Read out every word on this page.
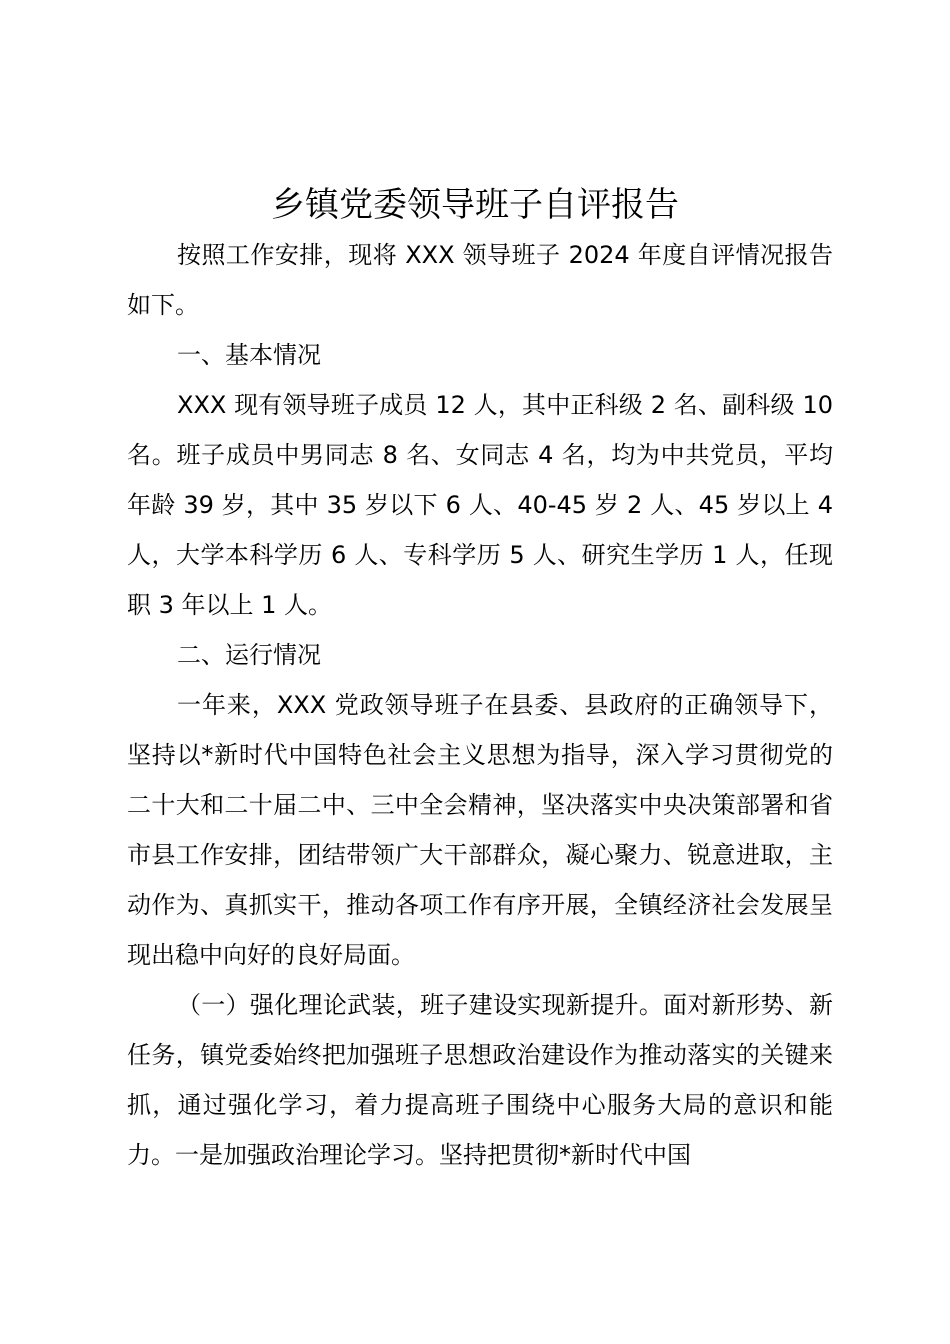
乡镇党委领导班子自评报告

按照工作安排，现将 XXX 领导班子 2024 年度自评情况报告如下。

一、基本情况

XXX 现有领导班子成员 12 人，其中正科级 2 名、副科级 10 名。班子成员中男同志 8 名、女同志 4 名，均为中共党员，平均年龄 39 岁，其中 35 岁以下 6 人、40-45 岁 2 人、45 岁以上 4 人，大学本科学历 6 人、专科学历 5 人、研究生学历 1 人，任现职 3 年以上 1 人。

二、运行情况

一年来，XXX 党政领导班子在县委、县政府的正确领导下，坚持以*新时代中国特色社会主义思想为指导，深入学习贯彻党的二十大和二十届二中、三中全会精神，坚决落实中央决策部署和省市县工作安排，团结带领广大干部群众，凝心聚力、锐意进取，主动作为、真抓实干，推动各项工作有序开展，全镇经济社会发展呈现出稳中向好的良好局面。

（一）强化理论武装，班子建设实现新提升。面对新形势、新任务，镇党委始终把加强班子思想政治建设作为推动落实的关键来抓，通过强化学习，着力提高班子围绕中心服务大局的意识和能力。一是加强政治理论学习。坚持把贯彻*新时代中国
